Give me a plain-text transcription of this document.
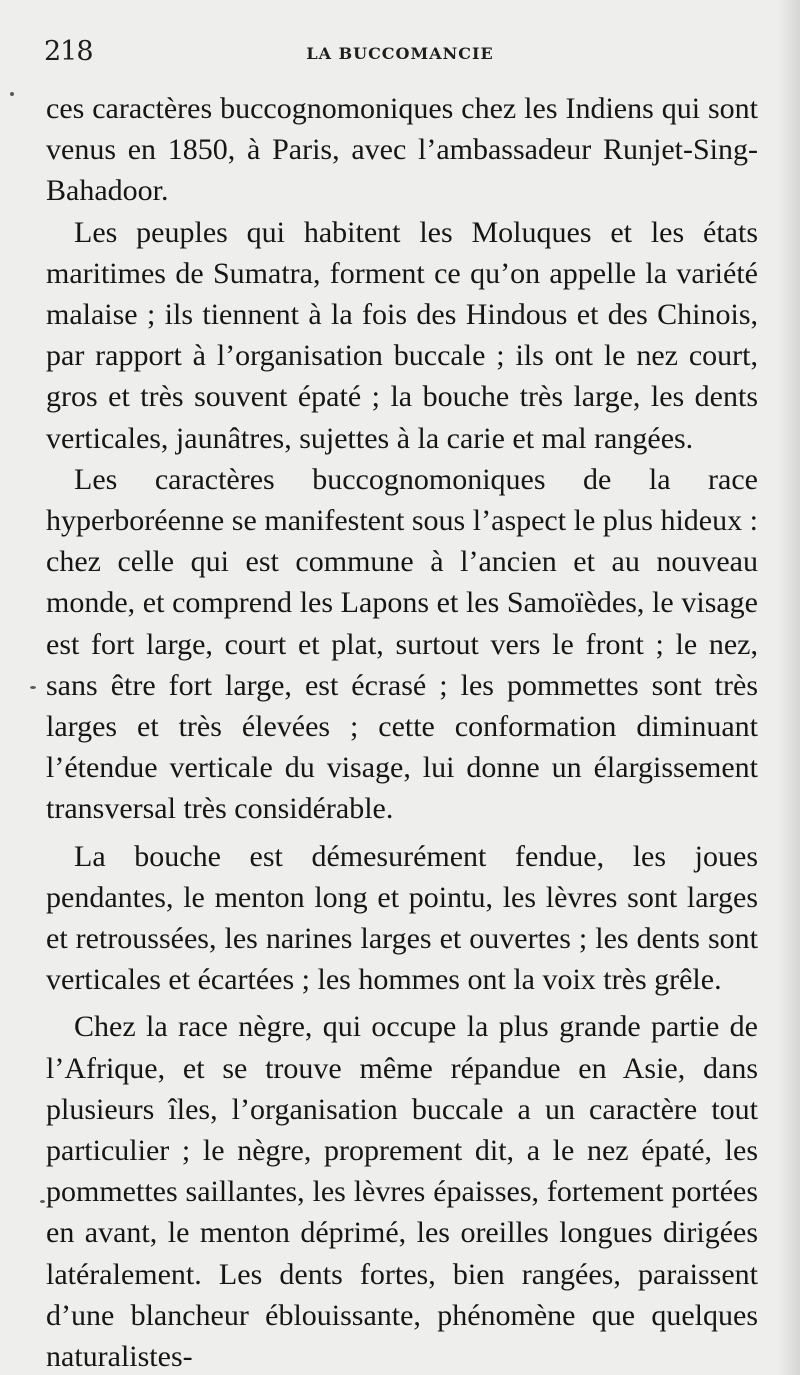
218	LA BUCCOMANCIE

ces caractères buccognomoniques chez les Indiens qui sont venus en 1850, à Paris, avec l’ambassadeur Runjet-Sing-Bahadoor.

Les peuples qui habitent les Moluques et les états maritimes de Sumatra, forment ce qu’on appelle la variété malaise ; ils tiennent à la fois des Hindous et des Chinois, par rapport à l’organisation buccale ; ils ont le nez court, gros et très souvent épaté ; la bouche très large, les dents verticales, jaunâtres, sujettes à la carie et mal rangées.

Les caractères buccognomoniques de la race hyperboréenne se manifestent sous l’aspect le plus hideux : chez celle qui est commune à l’ancien et au nouveau monde, et comprend les Lapons et les Samoïèdes, le visage est fort large, court et plat, surtout vers le front ; le nez, sans être fort large, est écrasé ; les pommettes sont très larges et très élevées ; cette conformation diminuant l’étendue verticale du visage, lui donne un élargissement transversal très considérable.

La bouche est démesurément fendue, les joues pendantes, le menton long et pointu, les lèvres sont larges et retroussées, les narines larges et ouvertes ; les dents sont verticales et écartées ; les hommes ont la voix très grêle.

Chez la race nègre, qui occupe la plus grande partie de l’Afrique, et se trouve même répandue en Asie, dans plusieurs îles, l’organisation buccale a un caractère tout particulier ; le nègre, proprement dit, a le nez épaté, les pommettes saillantes, les lèvres épaisses, fortement portées en avant, le menton déprimé, les oreilles longues dirigées latéralement. Les dents fortes, bien rangées, paraissent d’une blancheur éblouissante, phénomène que quelques naturalistes-
